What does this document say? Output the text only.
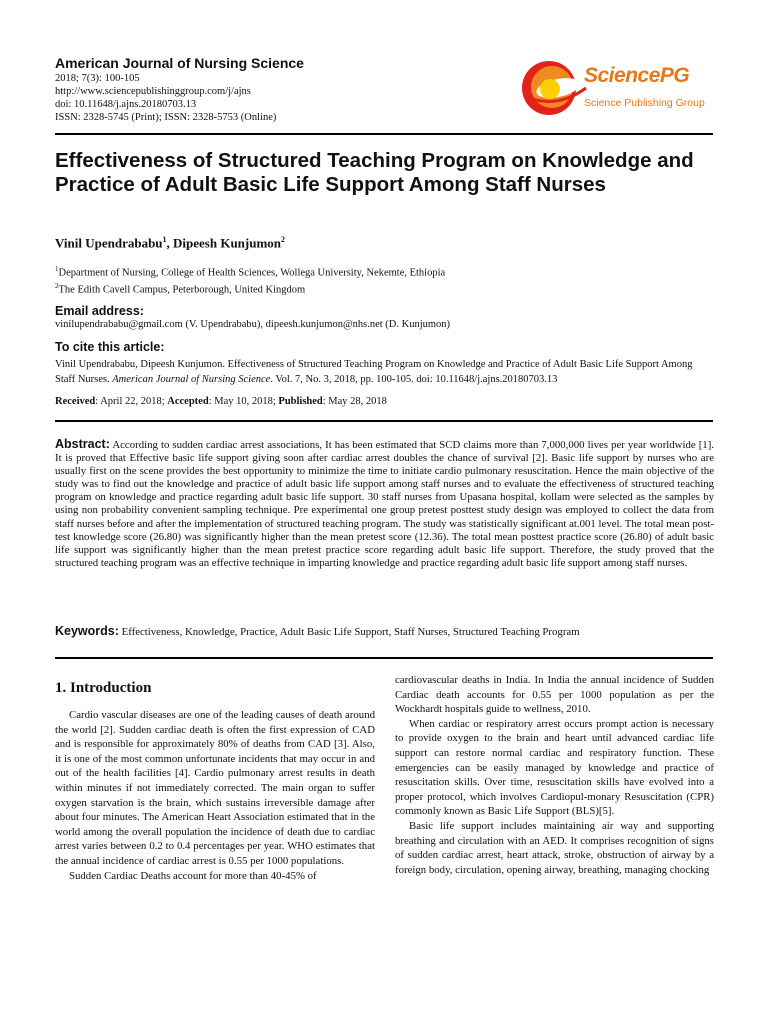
American Journal of Nursing Science
2018; 7(3): 100-105
http://www.sciencepublishinggroup.com/j/ajns
doi: 10.11648/j.ajns.20180703.13
ISSN: 2328-5745 (Print); ISSN: 2328-5753 (Online)
SciencePG
Science Publishing Group
Effectiveness of Structured Teaching Program on Knowledge and Practice of Adult Basic Life Support Among Staff Nurses
Vinil Upendrababu$^1$, Dipeesh Kunjumon$^2$
$^1$Department of Nursing, College of Health Sciences, Wollega University, Nekemte, Ethiopia
$^2$The Edith Cavell Campus, Peterborough, United Kingdom
Email address:
vinilupendrababu@gmail.com (V. Upendrababu), dipeesh.kunjumon@nhs.net (D. Kunjumon)
To cite this article:
Vinil Upendrababu, Dipeesh Kunjumon. Effectiveness of Structured Teaching Program on Knowledge and Practice of Adult Basic Life Support Among Staff Nurses. American Journal of Nursing Science. Vol. 7, No. 3, 2018, pp. 100-105. doi: 10.11648/j.ajns.20180703.13
Received: April 22, 2018; Accepted: May 10, 2018; Published: May 28, 2018
Abstract: According to sudden cardiac arrest associations, It has been estimated that SCD claims more than 7,000,000 lives per year worldwide [1]. It is proved that Effective basic life support giving soon after cardiac arrest doubles the chance of survival [2]. Basic life support by nurses who are usually first on the scene provides the best opportunity to minimize the time to initiate cardio pulmonary resuscitation. Hence the main objective of the study was to find out the knowledge and practice of adult basic life support among staff nurses and to evaluate the effectiveness of structured teaching program on knowledge and practice regarding adult basic life support. 30 staff nurses from Upasana hospital, kollam were selected as the samples by using non probability convenient sampling technique. Pre experimental one group pretest posttest study design was employed to collect the data from staff nurses before and after the implementation of structured teaching program. The study was statistically significant at.001 level. The total mean post- test knowledge score (26.80) was significantly higher than the mean pretest score (12.36). The total mean posttest practice score (26.80) of adult basic life support was significantly higher than the mean pretest practice score regarding adult basic life support. Therefore, the study proved that the structured teaching program was an effective technique in imparting knowledge and practice regarding adult basic life support among staff nurses.
Keywords: Effectiveness, Knowledge, Practice, Adult Basic Life Support, Staff Nurses, Structured Teaching Program
1. Introduction

Cardio vascular diseases are one of the leading causes of death around the world [2]. Sudden cardiac death is often the first expression of CAD and is responsible for approximately 80% of deaths from CAD [3]. Also, it is one of the most common unfortunate incidents that may occur in and out of the health facilities [4]. Cardio pulmonary arrest results in death within minutes if not immediately corrected. The main organ to suffer oxygen starvation is the brain, which sustains irreversible damage after about four minutes. The American Heart Association estimated that in the world among the overall population the incidence of death due to cardiac arrest varies between 0.2 to 0.4 percentages per year. WHO estimates that the annual incidence of cardiac arrest is 0.55 per 1000 populations.

Sudden Cardiac Deaths account for more than 40-45% of

cardiovascular deaths in India. In India the annual incidence of Sudden Cardiac death accounts for 0.55 per 1000 population as per the Wockhardt hospitals guide to wellness, 2010.

When cardiac or respiratory arrest occurs prompt action is necessary to provide oxygen to the brain and heart until advanced cardiac life support can restore normal cardiac and respiratory function. These emergencies can be easily managed by knowledge and practice of resuscitation skills. Over time, resuscitation skills have evolved into a proper protocol, which involves Cardiopul-monary Resuscitation (CPR) commonly known as Basic Life Support (BLS)[5].

Basic life support includes maintaining air way and supporting breathing and circulation with an AED. It comprises recognition of signs of sudden cardiac arrest, heart attack, stroke, obstruction of airway by a foreign body, circulation, opening airway, breathing, managing chocking
